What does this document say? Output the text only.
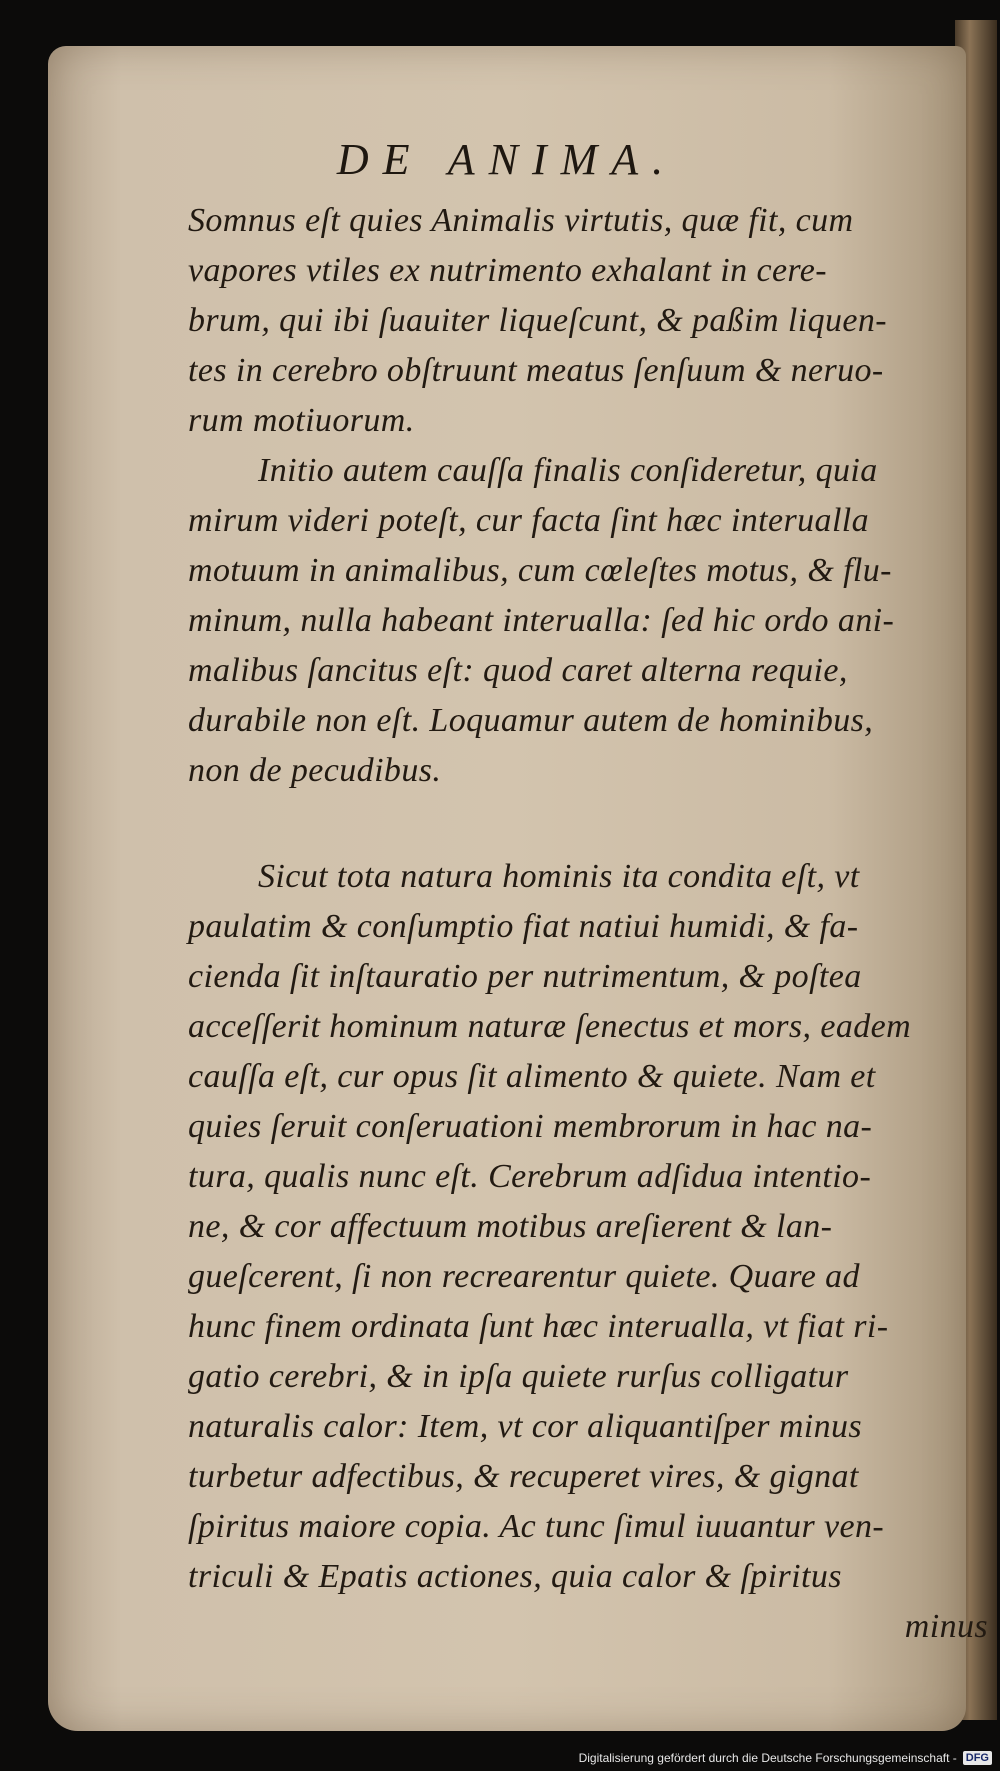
DE ANIMA.
Somnus eſt quies Animalis virtutis, quæ fit, cum
vapores vtiles ex nutrimento exhalant in cere-
brum, qui ibi ſuauiter liqueſcunt, & paßim liquen-
tes in cerebro obſtruunt meatus ſenſuum & neruo-
rum motiuorum.
Initio autem cauſſa finalis conſideretur, quia
mirum videri poteſt, cur facta ſint hæc interualla
motuum in animalibus, cum cœleſtes motus, & flu-
minum, nulla habeant interualla: ſed hic ordo ani-
malibus ſancitus eſt: quod caret alterna requie,
durabile non eſt. Loquamur autem de hominibus,
non de pecudibus.
Sicut tota natura hominis ita condita eſt, vt
paulatim & conſumptio fiat natiui humidi, & fa-
cienda ſit inſtauratio per nutrimentum, & poſtea
acceſſerit hominum naturæ ſenectus et mors, eadem
cauſſa eſt, cur opus ſit alimento & quiete. Nam et
quies ſeruit conſeruationi membrorum in hac na-
tura, qualis nunc eſt. Cerebrum adſidua intentio-
ne, & cor affectuum motibus areſierent & lan-
gueſcerent, ſi non recrearentur quiete. Quare ad
hunc finem ordinata ſunt hæc interualla, vt fiat ri-
gatio cerebri, & in ipſa quiete rurſus colligatur
naturalis calor: Item, vt cor aliquantiſper minus
turbetur adfectibus, & recuperet vires, & gignat
ſpiritus maiore copia. Ac tunc ſimul iuuantur ven-
triculi & Epatis actiones, quia calor & ſpiritus
minus
Digitalisierung gefördert durch die Deutsche Forschungsgemeinschaft - DFG
